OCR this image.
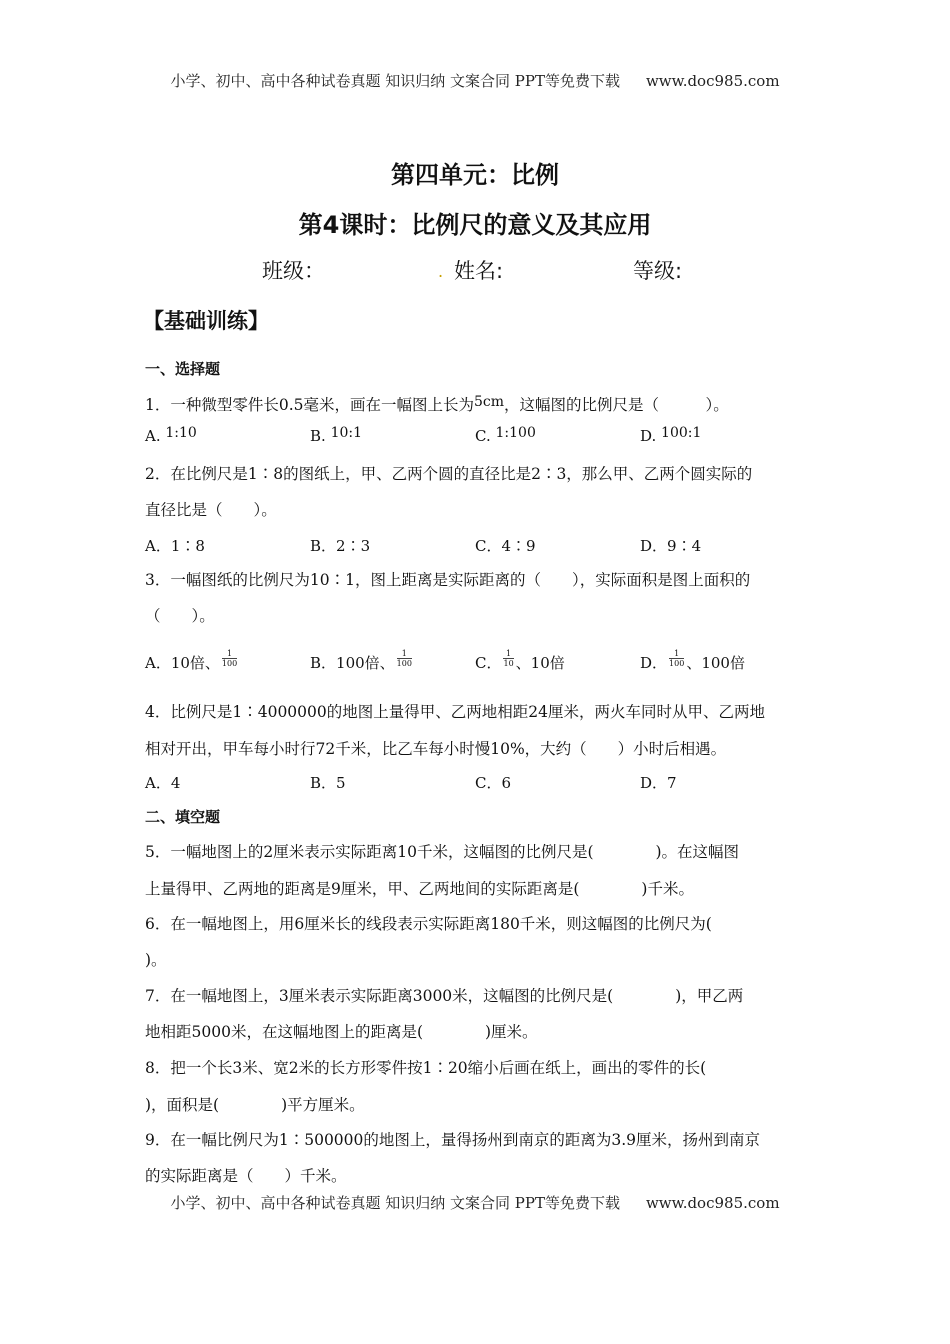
小学、初中、高中各种试卷真题 知识归纳 文案合同 PPT等免费下载 www.doc985.com
第四单元：比例
第4课时：比例尺的意义及其应用
班级：	. 姓名:	等级:
【基础训练】
一、选择题
1．一种微型零件长0.5毫米，画在一幅图上长为5cm，这幅图的比例尺是（　　　）。
A. 1:10	B. 10:1	C. 1:100	D. 100:1
2．在比例尺是1∶8的图纸上，甲、乙两个圆的直径比是2∶3，那么甲、乙两个圆实际的
直径比是（　　）。
A．1∶8	B．2∶3	C．4∶9	D．9∶4
3．一幅图纸的比例尺为10∶1，图上距离是实际距离的（　　），实际面积是图上面积的
（　　）。
A．10倍、 $\frac{1}{100}$	B．100倍、 $\frac{1}{100}$	C． $\frac{1}{10}$ 、10倍	D． $\frac{1}{100}$ 、100倍
4．比例尺是1∶4000000的地图上量得甲、乙两地相距24厘米，两火车同时从甲、乙两地
相对开出，甲车每小时行72千米，比乙车每小时慢10%，大约（　　）小时后相遇。
A．4	B．5	C．6	D．7
二、填空题
5．一幅地图上的2厘米表示实际距离10千米，这幅图的比例尺是(　　　　)。在这幅图
上量得甲、乙两地的距离是9厘米，甲、乙两地间的实际距离是(　　　　)千米。
6．在一幅地图上，用6厘米长的线段表示实际距离180千米，则这幅图的比例尺为(
)。
7．在一幅地图上，3厘米表示实际距离3000米，这幅图的比例尺是(　　　　)，甲乙两
地相距5000米，在这幅地图上的距离是(　　　　)厘米。
8．把一个长3米、宽2米的长方形零件按1∶20缩小后画在纸上，画出的零件的长(
)，面积是(　　　　)平方厘米。
9．在一幅比例尺为1∶500000的地图上，量得扬州到南京的距离为3.9厘米，扬州到南京
的实际距离是（　　）千米。
小学、初中、高中各种试卷真题 知识归纳 文案合同 PPT等免费下载 www.doc985.com
